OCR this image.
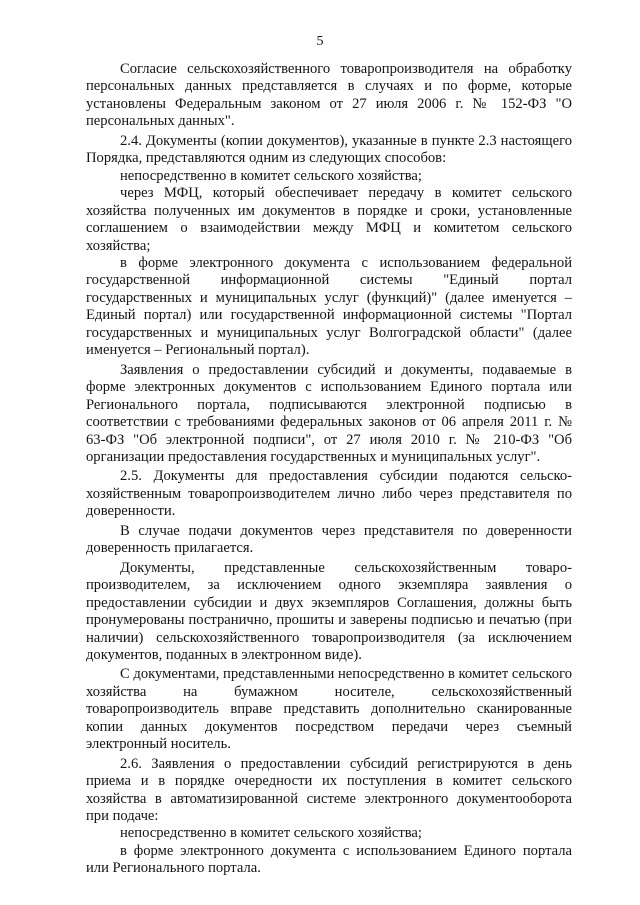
5

Согласие сельскохозяйственного товаропроизводителя на обработку персональных данных представляется в случаях и по форме, которые установлены Федеральным законом от 27 июля 2006 г. № 152-ФЗ "О персональных данных".

2.4. Документы (копии документов), указанные в пункте 2.3 настоящего Порядка, представляются одним из следующих способов:

непосредственно в комитет сельского хозяйства;

через МФЦ, который обеспечивает передачу в комитет сельского хозяйства полученных им документов в порядке и сроки, установленные соглашением о взаимодействии между МФЦ и комитетом сельского хозяйства;

в форме электронного документа с использованием федеральной государственной информационной системы "Единый портал государственных и муниципальных услуг (функций)" (далее именуется – Единый портал) или государственной информационной системы "Портал государственных и муниципальных услуг Волгоградской области" (далее именуется – Региональный портал).

Заявления о предоставлении субсидий и документы, подаваемые в форме электронных документов с использованием Единого портала или Регионального портала, подписываются электронной подписью в соответствии с требованиями федеральных законов от 06 апреля 2011 г. № 63-ФЗ "Об электронной подписи", от 27 июля 2010 г. № 210-ФЗ "Об организации предоставления государственных и муниципальных услуг".

2.5. Документы для предоставления субсидии подаются сельско-хозяйственным товаропроизводителем лично либо через представителя по доверенности.

В случае подачи документов через представителя по доверенности доверенность прилагается.

Документы, представленные сельскохозяйственным товаро-производителем, за исключением одного экземпляра заявления о предоставлении субсидии и двух экземпляров Соглашения, должны быть пронумерованы постранично, прошиты и заверены подписью и печатью (при наличии) сельскохозяйственного товаропроизводителя (за исключением документов, поданных в электронном виде).

С документами, представленными непосредственно в комитет сельского хозяйства на бумажном носителе, сельскохозяйственный товаропроизводитель вправе представить дополнительно сканированные копии данных документов посредством передачи через съемный электронный носитель.

2.6. Заявления о предоставлении субсидий регистрируются в день приема и в порядке очередности их поступления в комитет сельского хозяйства в автоматизированной системе электронного документооборота при подаче:

непосредственно в комитет сельского хозяйства;

в форме электронного документа с использованием Единого портала или Регионального портала.
